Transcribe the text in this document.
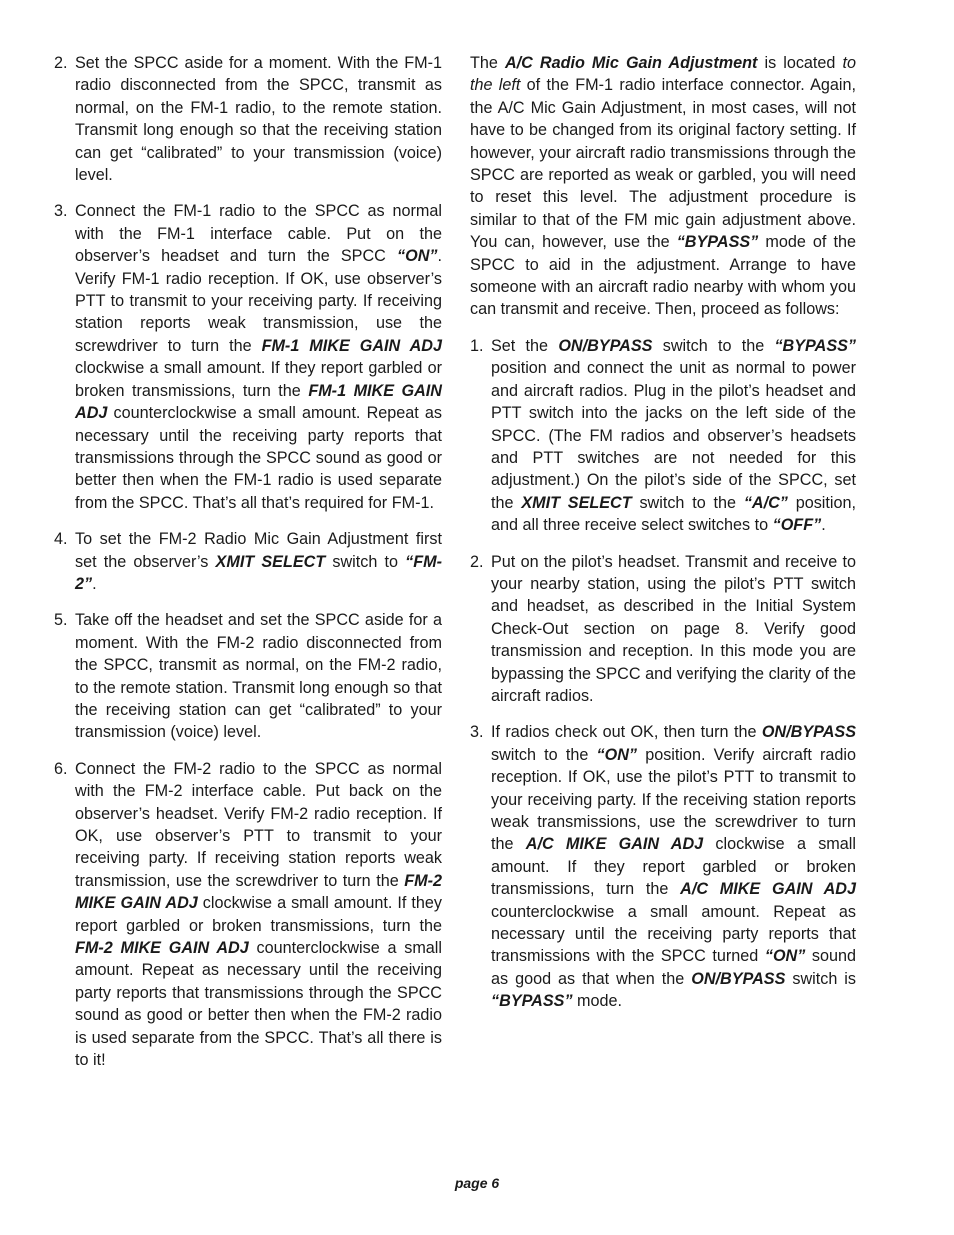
2. Set the SPCC aside for a moment. With the FM-1 radio disconnected from the SPCC, transmit as normal, on the FM-1 radio, to the remote station. Transmit long enough so that the receiving station can get “calibrated” to your transmission (voice) level.
3. Connect the FM-1 radio to the SPCC as normal with the FM-1 interface cable. Put on the observer’s headset and turn the SPCC “ON”. Verify FM-1 radio reception. If OK, use observer’s PTT to transmit to your receiving party. If receiving station reports weak transmission, use the screwdriver to turn the FM-1 MIKE GAIN ADJ clockwise a small amount. If they report garbled or broken transmissions, turn the FM-1 MIKE GAIN ADJ counterclockwise a small amount. Repeat as necessary until the receiving party reports that transmissions through the SPCC sound as good or better then when the FM-1 radio is used separate from the SPCC. That’s all that’s required for FM-1.
4. To set the FM-2 Radio Mic Gain Adjustment first set the observer’s XMIT SELECT switch to “FM-2”.
5. Take off the headset and set the SPCC aside for a moment. With the FM-2 radio disconnected from the SPCC, transmit as normal, on the FM-2 radio, to the remote station. Transmit long enough so that the receiving station can get “calibrated” to your transmission (voice) level.
6. Connect the FM-2 radio to the SPCC as normal with the FM-2 interface cable. Put back on the observer’s headset. Verify FM-2 radio reception. If OK, use observer’s PTT to transmit to your receiving party. If receiving station reports weak transmission, use the screwdriver to turn the FM-2 MIKE GAIN ADJ clockwise a small amount. If they report garbled or broken transmissions, turn the FM-2 MIKE GAIN ADJ counterclockwise a small amount. Repeat as necessary until the receiving party reports that transmissions through the SPCC sound as good or better then when the FM-2 radio is used separate from the SPCC. That’s all there is to it!
The A/C Radio Mic Gain Adjustment is located to the left of the FM-1 radio interface connector. Again, the A/C Mic Gain Adjustment, in most cases, will not have to be changed from its original factory setting. If however, your aircraft radio transmissions through the SPCC are reported as weak or garbled, you will need to reset this level. The adjustment procedure is similar to that of the FM mic gain adjustment above. You can, however, use the “BYPASS” mode of the SPCC to aid in the adjustment. Arrange to have someone with an aircraft radio nearby with whom you can transmit and receive. Then, proceed as follows:
1. Set the ON/BYPASS switch to the “BYPASS” position and connect the unit as normal to power and aircraft radios. Plug in the pilot’s headset and PTT switch into the jacks on the left side of the SPCC. (The FM radios and observer’s headsets and PTT switches are not needed for this adjustment.) On the pilot’s side of the SPCC, set the XMIT SELECT switch to the “A/C” position, and all three receive select switches to “OFF”.
2. Put on the pilot’s headset. Transmit and receive to your nearby station, using the pilot’s PTT switch and headset, as described in the Initial System Check-Out section on page 8. Verify good transmission and reception. In this mode you are bypassing the SPCC and verifying the clarity of the aircraft radios.
3. If radios check out OK, then turn the ON/BYPASS switch to the “ON” position. Verify aircraft radio reception. If OK, use the pilot’s PTT to transmit to your receiving party. If the receiving station reports weak transmissions, use the screwdriver to turn the A/C MIKE GAIN ADJ clockwise a small amount. If they report garbled or broken transmissions, turn the A/C MIKE GAIN ADJ counterclockwise a small amount. Repeat as necessary until the receiving party reports that transmissions with the SPCC turned “ON” sound as good as that when the ON/BYPASS switch is “BYPASS” mode.
page 6
